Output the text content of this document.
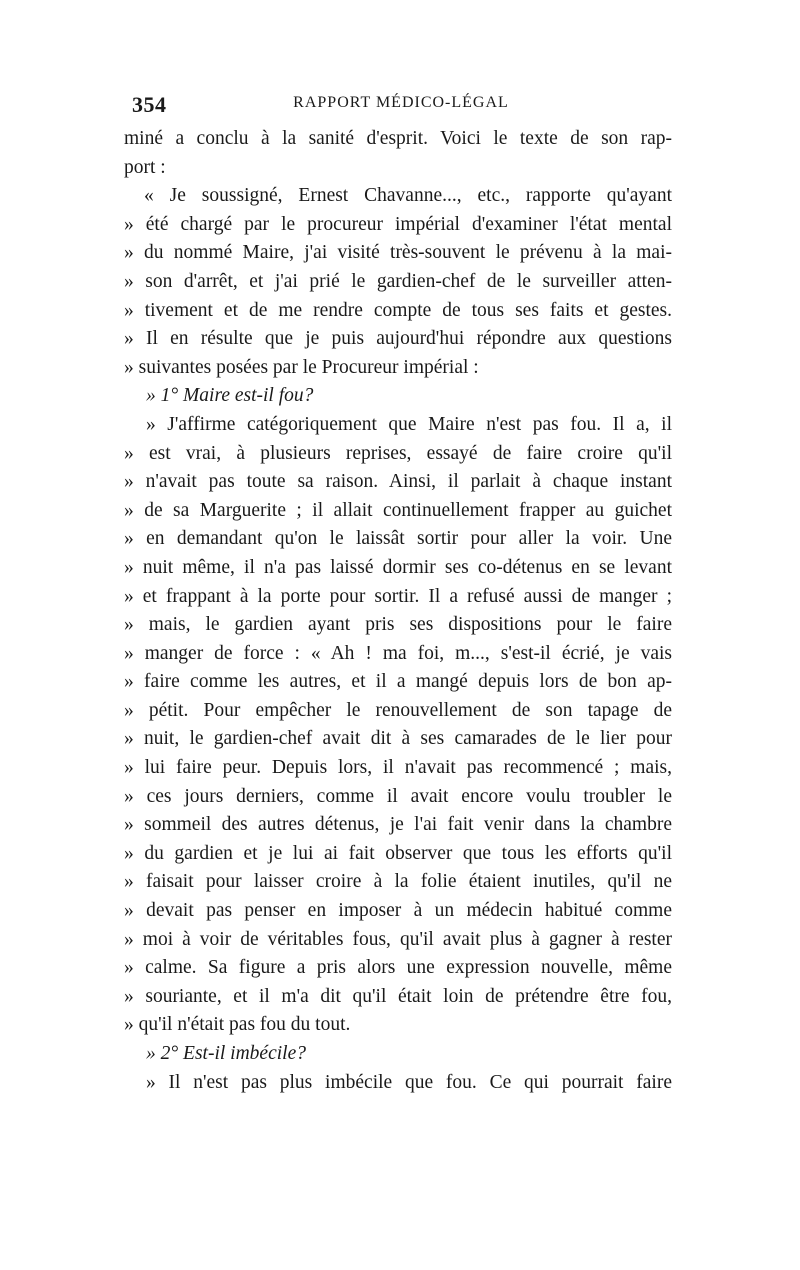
354	RAPPORT MÉDICO-LÉGAL
miné a conclu à la sanité d'esprit. Voici le texte de son rap-
port :
« Je soussigné, Ernest Chavanne..., etc., rapporte qu'ayant
» été chargé par le procureur impérial d'examiner l'état mental
» du nommé Maire, j'ai visité très-souvent le prévenu à la mai-
» son d'arrêt, et j'ai prié le gardien-chef de le surveiller atten-
» tivement et de me rendre compte de tous ses faits et gestes.
» Il en résulte que je puis aujourd'hui répondre aux questions
» suivantes posées par le Procureur impérial :
» 1° Maire est-il fou?
» J'affirme catégoriquement que Maire n'est pas fou. Il a, il
» est vrai, à plusieurs reprises, essayé de faire croire qu'il
» n'avait pas toute sa raison. Ainsi, il parlait à chaque instant
» de sa Marguerite ; il allait continuellement frapper au guichet
» en demandant qu'on le laissât sortir pour aller la voir. Une
» nuit même, il n'a pas laissé dormir ses co-détenus en se levant
» et frappant à la porte pour sortir. Il a refusé aussi de manger ;
» mais, le gardien ayant pris ses dispositions pour le faire
» manger de force : « Ah ! ma foi, m..., s'est-il écrié, je vais
» faire comme les autres, et il a mangé depuis lors de bon ap-
» pétit. Pour empêcher le renouvellement de son tapage de
» nuit, le gardien-chef avait dit à ses camarades de le lier pour
» lui faire peur. Depuis lors, il n'avait pas recommencé ; mais,
» ces jours derniers, comme il avait encore voulu troubler le
» sommeil des autres détenus, je l'ai fait venir dans la chambre
» du gardien et je lui ai fait observer que tous les efforts qu'il
» faisait pour laisser croire à la folie étaient inutiles, qu'il ne
» devait pas penser en imposer à un médecin habitué comme
» moi à voir de véritables fous, qu'il avait plus à gagner à rester
» calme. Sa figure a pris alors une expression nouvelle, même
» souriante, et il m'a dit qu'il était loin de prétendre être fou,
» qu'il n'était pas fou du tout.
» 2° Est-il imbécile?
» Il n'est pas plus imbécile que fou. Ce qui pourrait faire
